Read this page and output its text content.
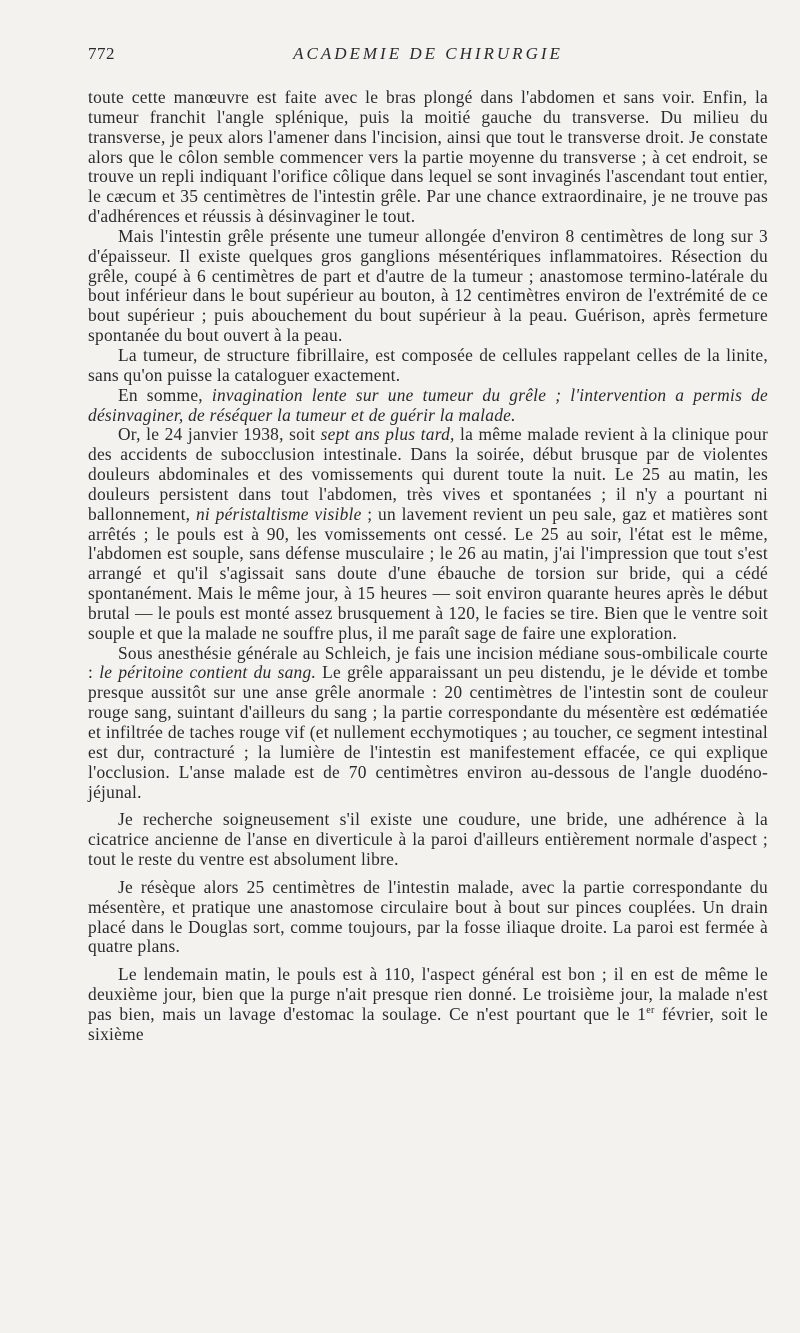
772	ACADEMIE DE CHIRURGIE

toute cette manœuvre est faite avec le bras plongé dans l'abdomen et sans voir. Enfin, la tumeur franchit l'angle splénique, puis la moitié gauche du transverse. Du milieu du transverse, je peux alors l'amener dans l'incision, ainsi que tout le transverse droit. Je constate alors que le côlon semble commencer vers la partie moyenne du transverse ; à cet endroit, se trouve un repli indiquant l'orifice côlique dans lequel se sont invaginés l'ascendant tout entier, le cæcum et 35 centimètres de l'intestin grêle. Par une chance extraordinaire, je ne trouve pas d'adhérences et réussis à désinvaginer le tout.

Mais l'intestin grêle présente une tumeur allongée d'environ 8 centimètres de long sur 3 d'épaisseur. Il existe quelques gros ganglions mésentériques inflammatoires. Résection du grêle, coupé à 6 centimètres de part et d'autre de la tumeur ; anastomose termino-latérale du bout inférieur dans le bout supérieur au bouton, à 12 centimètres environ de l'extrémité de ce bout supérieur ; puis abouchement du bout supérieur à la peau. Guérison, après fermeture spontanée du bout ouvert à la peau.

La tumeur, de structure fibrillaire, est composée de cellules rappelant celles de la linite, sans qu'on puisse la cataloguer exactement.

En somme, invagination lente sur une tumeur du grêle ; l'intervention a permis de désinvaginer, de réséquer la tumeur et de guérir la malade.

Or, le 24 janvier 1938, soit sept ans plus tard, la même malade revient à la clinique pour des accidents de subocclusion intestinale. Dans la soirée, début brusque par de violentes douleurs abdominales et des vomissements qui durent toute la nuit. Le 25 au matin, les douleurs persistent dans tout l'abdomen, très vives et spontanées ; il n'y a pourtant ni ballonnement, ni péristaltisme visible ; un lavement revient un peu sale, gaz et matières sont arrêtés ; le pouls est à 90, les vomissements ont cessé. Le 25 au soir, l'état est le même, l'abdomen est souple, sans défense musculaire ; le 26 au matin, j'ai l'impression que tout s'est arrangé et qu'il s'agissait sans doute d'une ébauche de torsion sur bride, qui a cédé spontanément. Mais le même jour, à 15 heures — soit environ quarante heures après le début brutal — le pouls est monté assez brusquement à 120, le facies se tire. Bien que le ventre soit souple et que la malade ne souffre plus, il me paraît sage de faire une exploration.

Sous anesthésie générale au Schleich, je fais une incision médiane sous-ombilicale courte : le péritoine contient du sang. Le grêle apparaissant un peu distendu, je le dévide et tombe presque aussitôt sur une anse grêle anormale : 20 centimètres de l'intestin sont de couleur rouge sang, suintant d'ailleurs du sang ; la partie correspondante du mésentère est œdématiée et infiltrée de taches rouge vif (et nullement ecchymotiques ; au toucher, ce segment intestinal est dur, contracturé ; la lumière de l'intestin est manifestement effacée, ce qui explique l'occlusion. L'anse malade est de 70 centimètres environ au-dessous de l'angle duodéno-jéjunal.

Je recherche soigneusement s'il existe une coudure, une bride, une adhérence à la cicatrice ancienne de l'anse en diverticule à la paroi d'ailleurs entièrement normale d'aspect ; tout le reste du ventre est absolument libre.

Je résèque alors 25 centimètres de l'intestin malade, avec la partie correspondante du mésentère, et pratique une anastomose circulaire bout à bout sur pinces couplées. Un drain placé dans le Douglas sort, comme toujours, par la fosse iliaque droite. La paroi est fermée à quatre plans.

Le lendemain matin, le pouls est à 110, l'aspect général est bon ; il en est de même le deuxième jour, bien que la purge n'ait presque rien donné. Le troisième jour, la malade n'est pas bien, mais un lavage d'estomac la soulage. Ce n'est pourtant que le 1er février, soit le sixième
